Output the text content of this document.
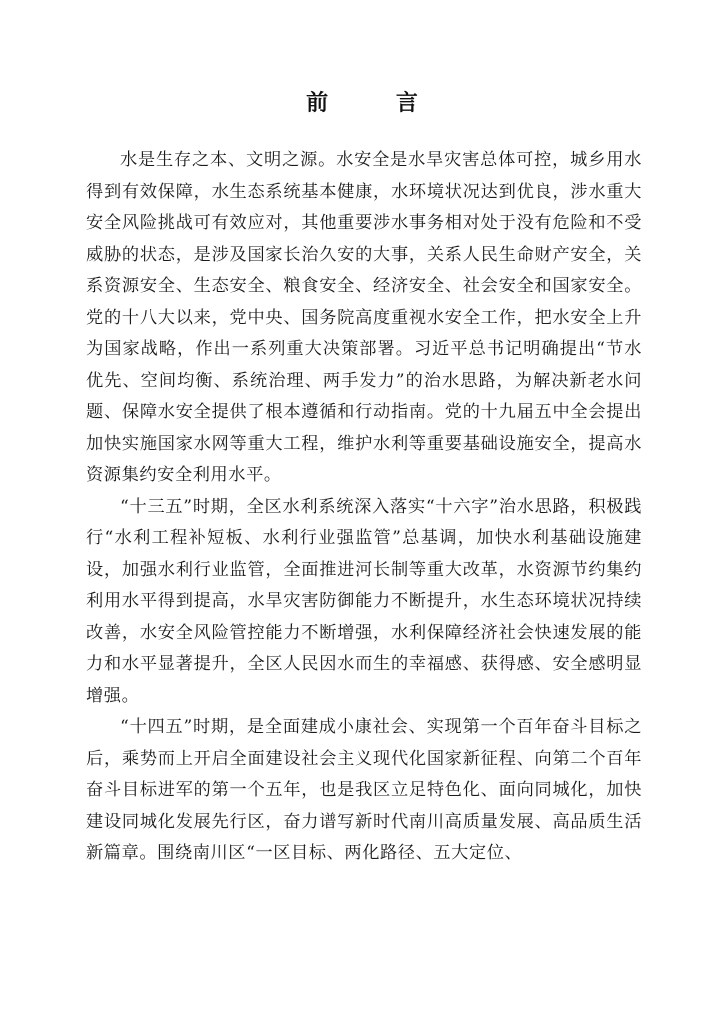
前 言

水是生存之本、文明之源。水安全是水旱灾害总体可控，城乡用水得到有效保障，水生态系统基本健康，水环境状况达到优良，涉水重大安全风险挑战可有效应对，其他重要涉水事务相对处于没有危险和不受威胁的状态，是涉及国家长治久安的大事，关系人民生命财产安全，关系资源安全、生态安全、粮食安全、经济安全、社会安全和国家安全。党的十八大以来，党中央、国务院高度重视水安全工作，把水安全上升为国家战略，作出一系列重大决策部署。习近平总书记明确提出“节水优先、空间均衡、系统治理、两手发力”的治水思路，为解决新老水问题、保障水安全提供了根本遵循和行动指南。党的十九届五中全会提出加快实施国家水网等重大工程，维护水利等重要基础设施安全，提高水资源集约安全利用水平。

“十三五”时期，全区水利系统深入落实“十六字”治水思路，积极践行“水利工程补短板、水利行业强监管”总基调，加快水利基础设施建设，加强水利行业监管，全面推进河长制等重大改革，水资源节约集约利用水平得到提高，水旱灾害防御能力不断提升，水生态环境状况持续改善，水安全风险管控能力不断增强，水利保障经济社会快速发展的能力和水平显著提升，全区人民因水而生的幸福感、获得感、安全感明显增强。

“十四五”时期，是全面建成小康社会、实现第一个百年奋斗目标之后，乘势而上开启全面建设社会主义现代化国家新征程、向第二个百年奋斗目标进军的第一个五年，也是我区立足特色化、面向同城化，加快建设同城化发展先行区，奋力谱写新时代南川高质量发展、高品质生活新篇章。围绕南川区“一区目标、两化路径、五大定位、
